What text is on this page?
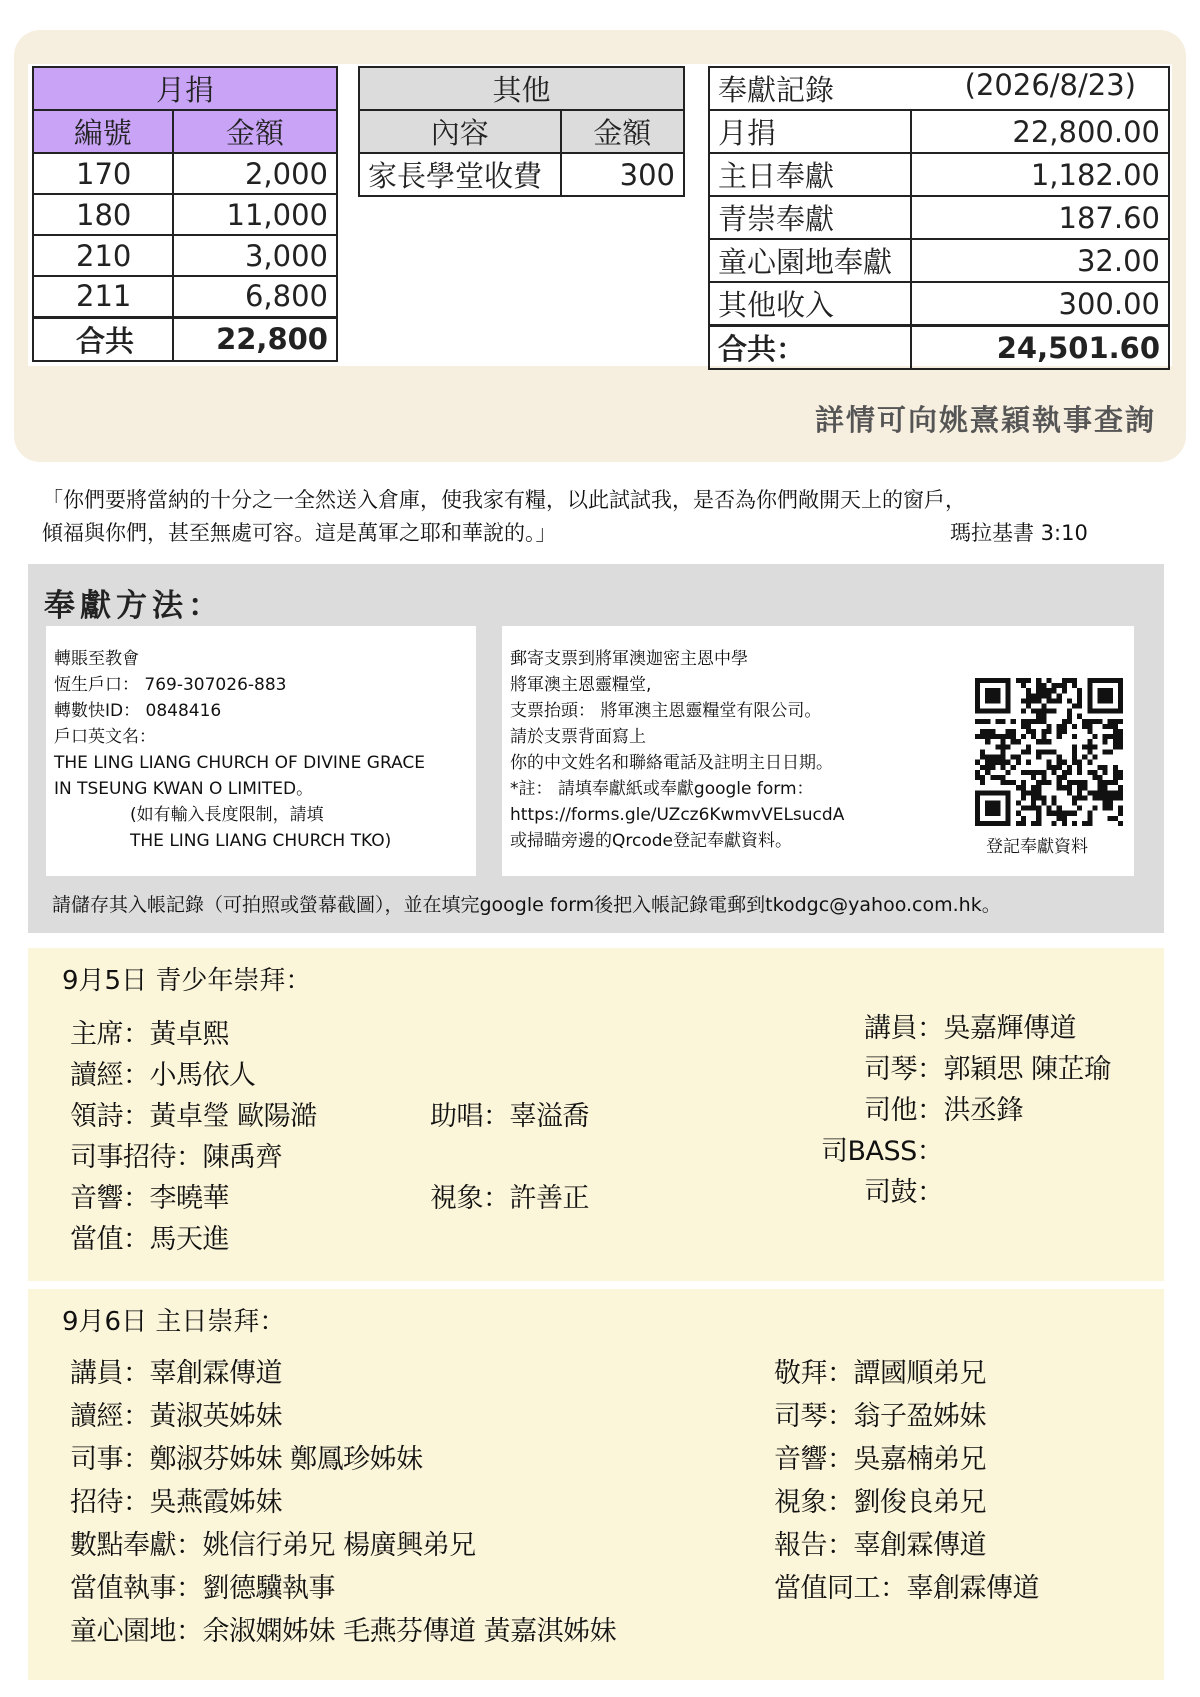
月捐	
編號	金額
170	2,000
180	11,000
210	3,000
211	6,800
合共	22,800
其他	
內容	金額
家長學堂收費	300
奉獻記錄 (2026/8/23)	

月捐	22,800.00
主日奉獻	1,182.00
青崇奉獻	187.60
童心園地奉獻	32.00
其他收入	300.00
合共：	24,501.60
詳情可向姚熹穎執事查詢
「你們要將當納的十分之一全然送入倉庫，使我家有糧，以此試試我，是否為你們敞開天上的窗戶，
傾福與你們，甚至無處可容。這是萬軍之耶和華說的。」	瑪拉基書 3:10
奉獻方法：
轉賬至教會
恆生戶口： 769-307026-883
轉數快ID： 0848416
戶口英文名：
THE LING LIANG CHURCH OF DIVINE GRACE
IN TSEUNG KWAN O LIMITED。
(如有輸入長度限制，請填
THE LING LIANG CHURCH TKO)
郵寄支票到將軍澳迦密主恩中學
將軍澳主恩靈糧堂,
支票抬頭： 將軍澳主恩靈糧堂有限公司。
請於支票背面寫上
你的中文姓名和聯絡電話及註明主日日期。
*註： 請填奉獻紙或奉獻google form：
https://forms.gle/UZcz6KwmvVELsucdA
或掃瞄旁邊的Qrcode登記奉獻資料。	登記奉獻資料
請儲存其入帳記錄（可拍照或螢幕截圖），並在填完google form後把入帳記錄電郵到tkodgc@yahoo.com.hk。
9月5日 青少年崇拜：
主席：黃卓熙
讀經：小馬依人
領詩：黃卓瑩 歐陽澔
司事招待：陳禹齊
音響：李曉華
當值：馬天進
助唱：辜溢喬
視象：許善正
講員：吳嘉輝傳道
司琴：郭穎思 陳芷瑜
司他：洪丞鋒
司BASS：
司鼓：
9月6日 主日崇拜：
講員：辜創霖傳道
讀經：黃淑英姊妹
司事：鄭淑芬姊妹 鄭鳳珍姊妹
招待：吳燕霞姊妹
數點奉獻：姚信行弟兄 楊廣興弟兄
當值執事：劉德驥執事
童心園地：余淑嫻姊妹 毛燕芬傳道 黃嘉淇姊妹
敬拜：譚國順弟兄
司琴：翁子盈姊妹
音響：吳嘉楠弟兄
視象：劉俊良弟兄
報告：辜創霖傳道
當值同工：辜創霖傳道
